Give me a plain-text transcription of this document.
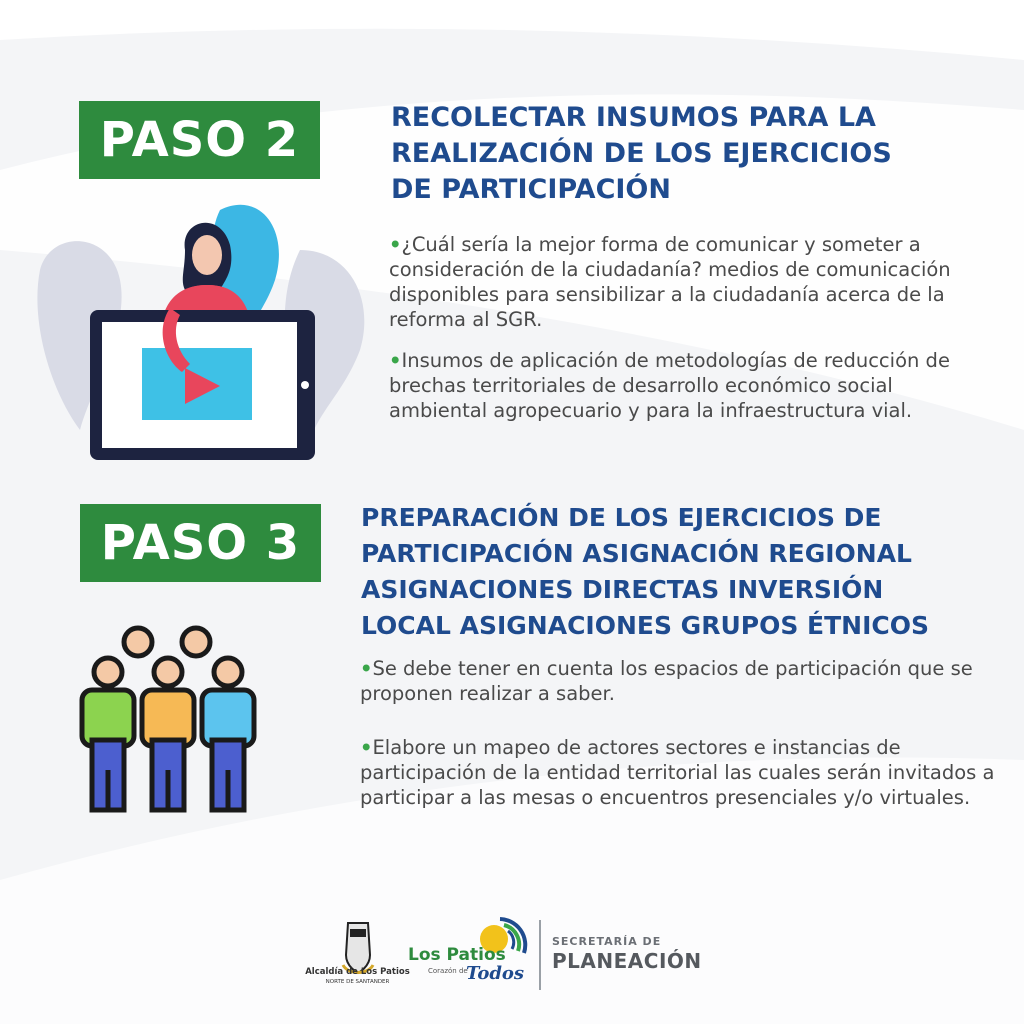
PASO 2	RECOLECTAR INSUMOS PARA LA
REALIZACIÓN DE LOS EJERCICIOS
DE PARTICIPACIÓN
•¿Cuál sería la mejor forma de comunicar y someter a consideración de la ciudadanía? medios de comunicación disponibles para sensibilizar a la ciudadanía acerca de la reforma al SGR.
•Insumos de aplicación de metodologías de reducción de brechas territoriales de desarrollo económico social ambiental agropecuario y para la infraestructura vial.
PASO 3	PREPARACIÓN DE LOS EJERCICIOS DE
PARTICIPACIÓN ASIGNACIÓN REGIONAL
ASIGNACIONES DIRECTAS INVERSIÓN
LOCAL ASIGNACIONES GRUPOS ÉTNICOS
•Se debe tener en cuenta los espacios de participación que se proponen realizar a saber.
•Elabore un mapeo de actores sectores e instancias de participación de la entidad territorial las cuales serán invitados a participar a las mesas o encuentros presenciales y/o virtuales.
Alcaldía de Los Patios
NORTE DE SANTANDER
Los Patios
Corazón de
Todos
SECRETARÍA DE
PLANEACIÓN
